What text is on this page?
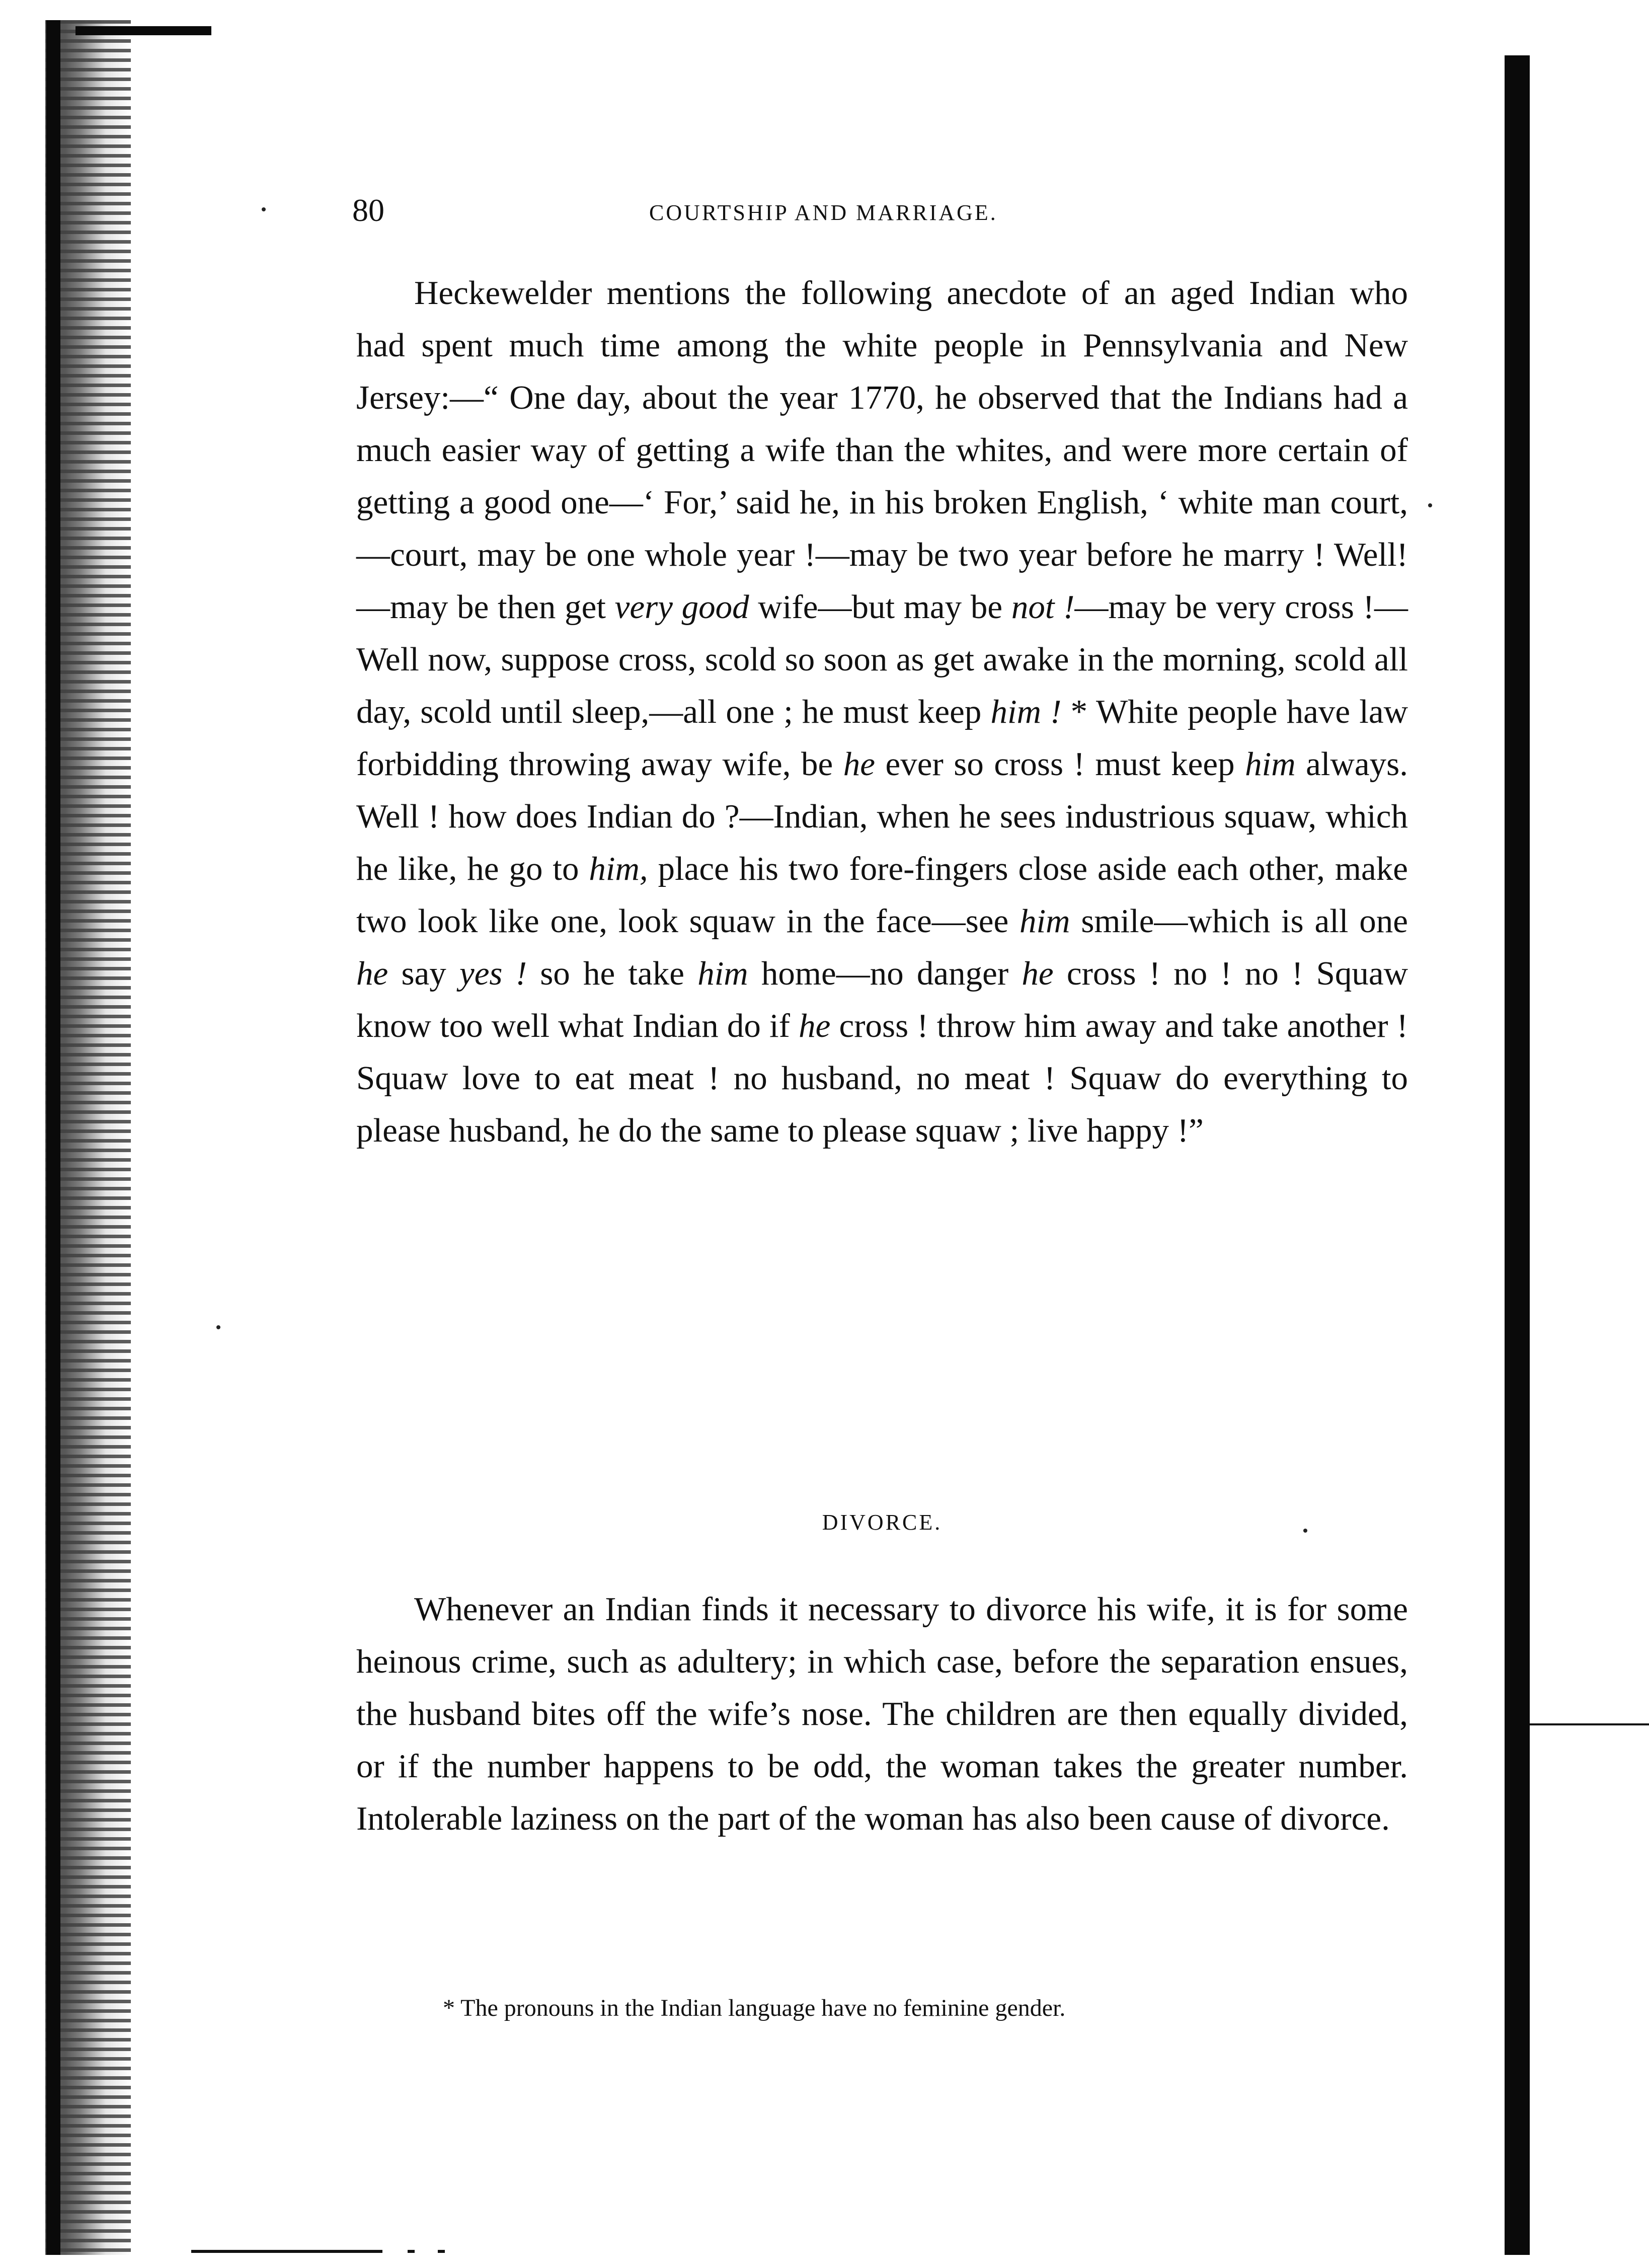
80	COURTSHIP AND MARRIAGE.

Heckewelder mentions the following anecdote of an aged Indian who had spent much time among the white people in Pennsylvania and New Jersey:—“ One day, about the year 1770, he observed that the Indians had a much easier way of getting a wife than the whites, and were more certain of getting a good one—‘ For,’ said he, in his broken English, ‘ white man court,—court, may be one whole year !—may be two year before he marry ! Well!—may be then get very good wife—but may be not !—may be very cross !—Well now, suppose cross, scold so soon as get awake in the morning, scold all day, scold until sleep,—all one ; he must keep him ! * White people have law forbidding throwing away wife, be he ever so cross ! must keep him always. Well ! how does Indian do ?—Indian, when he sees industrious squaw, which he like, he go to him, place his two fore-fingers close aside each other, make two look like one, look squaw in the face—see him smile—which is all one he say yes ! so he take him home—no danger he cross ! no ! no ! Squaw know too well what Indian do if he cross ! throw him away and take another ! Squaw love to eat meat ! no husband, no meat ! Squaw do everything to please husband, he do the same to please squaw ; live happy !”

DIVORCE.

Whenever an Indian finds it necessary to divorce his wife, it is for some heinous crime, such as adultery; in which case, before the separation ensues, the husband bites off the wife’s nose. The children are then equally divided, or if the number happens to be odd, the woman takes the greater number. Intolerable laziness on the part of the woman has also been cause of divorce.

* The pronouns in the Indian language have no feminine gender.
